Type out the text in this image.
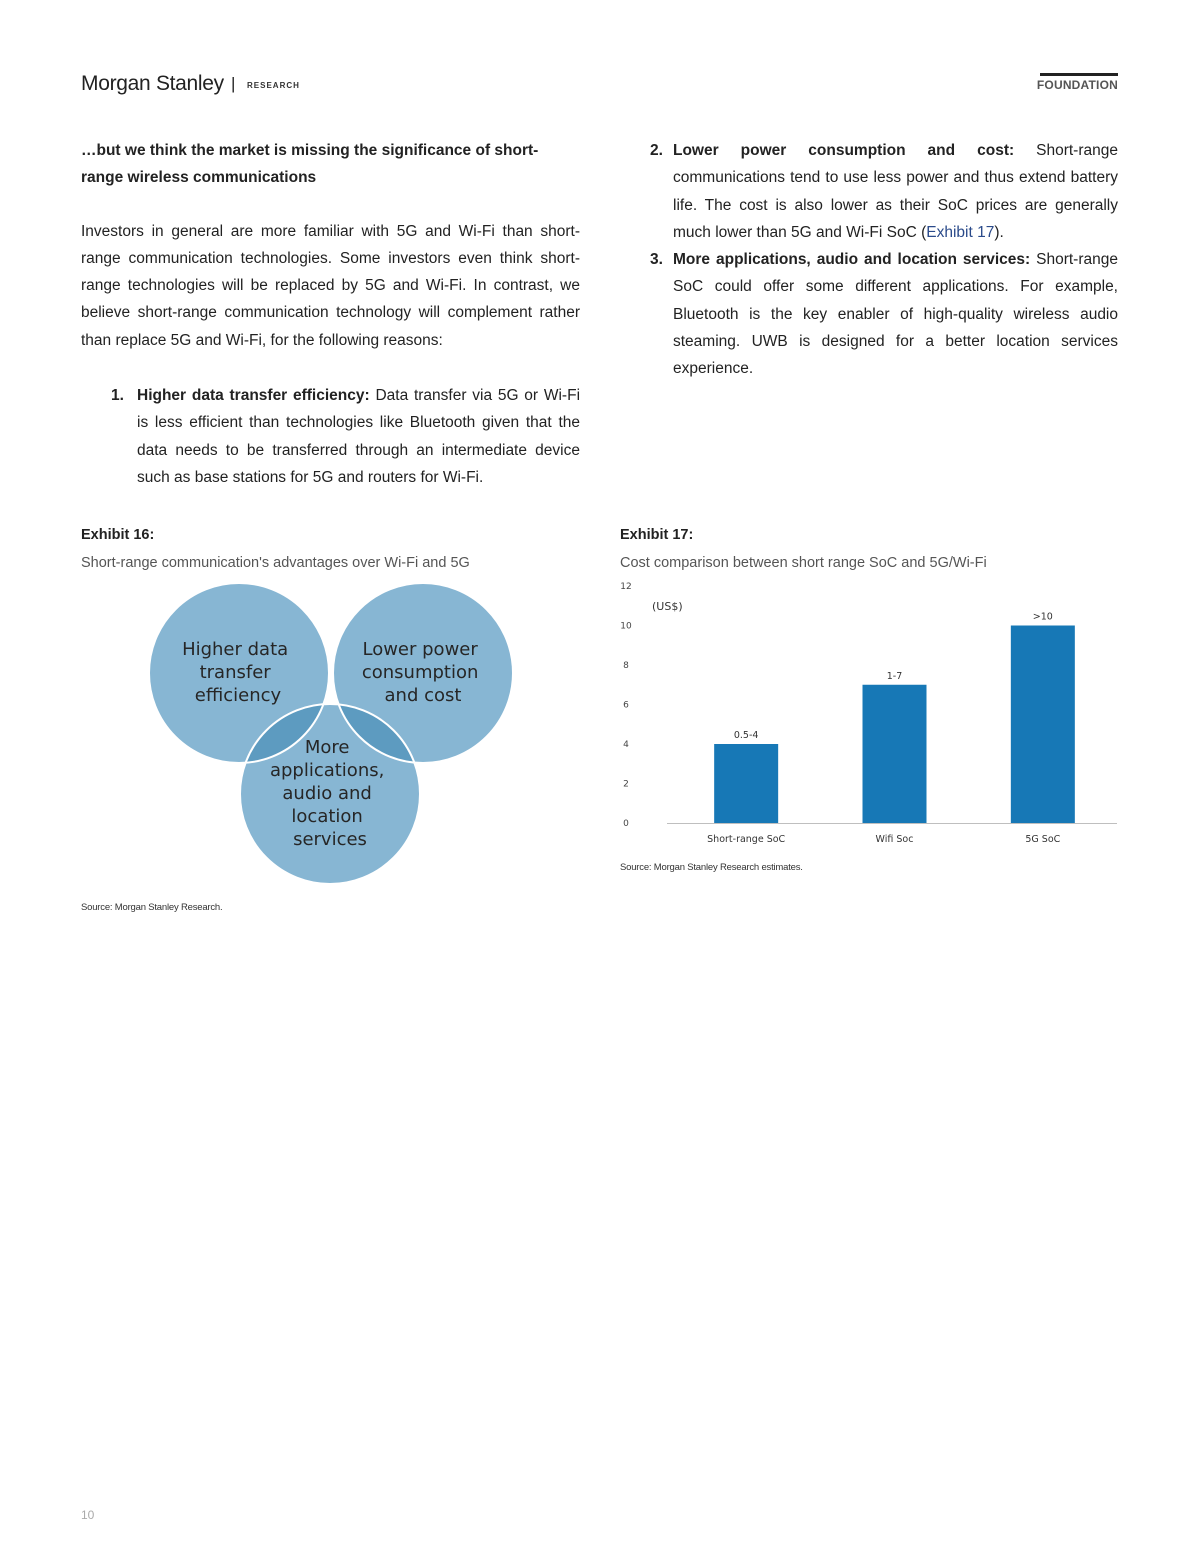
Morgan Stanley | RESEARCH	FOUNDATION

…but we think the market is missing the significance of short-range wireless communications

Investors in general are more familiar with 5G and Wi-Fi than short-range communication technologies. Some investors even think short-range technologies will be replaced by 5G and Wi-Fi. In contrast, we believe short-range communication technology will complement rather than replace 5G and Wi-Fi, for the following reasons:

1. Higher data transfer efficiency: Data transfer via 5G or Wi-Fi is less efficient than technologies like Bluetooth given that the data needs to be transferred through an intermediate device such as base stations for 5G and routers for Wi-Fi.
2. Lower power consumption and cost: Short-range communications tend to use less power and thus extend battery life. The cost is also lower as their SoC prices are generally much lower than 5G and Wi-Fi SoC (Exhibit 17).
3. More applications, audio and location services: Short-range SoC could offer some different applications. For example, Bluetooth is the key enabler of high-quality wireless audio steaming. UWB is designed for a better location services experience.
Exhibit 16:
Short-range communication's advantages over Wi-Fi and 5G
Higher data transfer efficiency
Lower power consumption and cost
More applications, audio and location services
Source: Morgan Stanley Research.
Exhibit 17:
Cost comparison between short range SoC and 5G/Wi-Fi
0
2
4
6
8
10
12
(US$)
0.5-4
Short-range SoC
1-7
Wifi Soc
>10
5G SoC
Source: Morgan Stanley Research estimates.
10
